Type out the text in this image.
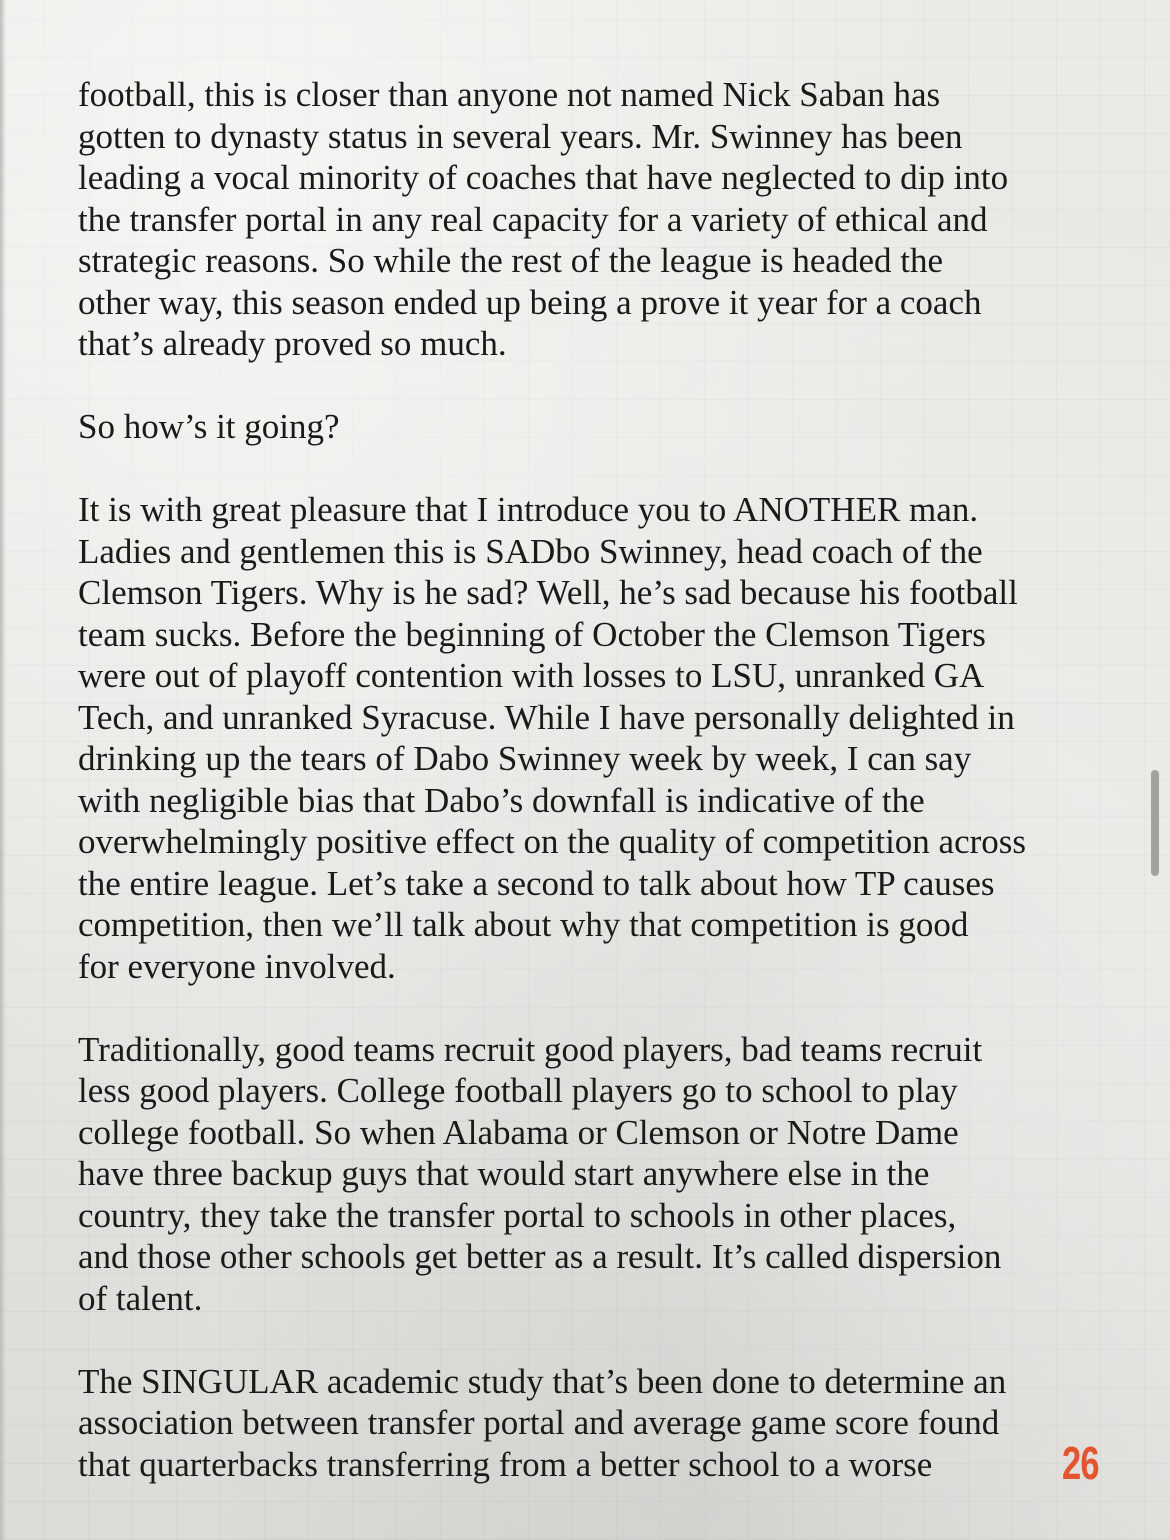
football, this is closer than anyone not named Nick Saban has
gotten to dynasty status in several years. Mr. Swinney has been
leading a vocal minority of coaches that have neglected to dip into
the transfer portal in any real capacity for a variety of ethical and
strategic reasons. So while the rest of the league is headed the
other way, this season ended up being a prove it year for a coach
that’s already proved so much.

So how’s it going?

It is with great pleasure that I introduce you to ANOTHER man.
Ladies and gentlemen this is SADbo Swinney, head coach of the
Clemson Tigers. Why is he sad? Well, he’s sad because his football
team sucks. Before the beginning of October the Clemson Tigers
were out of playoff contention with losses to LSU, unranked GA
Tech, and unranked Syracuse. While I have personally delighted in
drinking up the tears of Dabo Swinney week by week, I can say
with negligible bias that Dabo’s downfall is indicative of the
overwhelmingly positive effect on the quality of competition across
the entire league. Let’s take a second to talk about how TP causes
competition, then we’ll talk about why that competition is good
for everyone involved.

Traditionally, good teams recruit good players, bad teams recruit
less good players. College football players go to school to play
college football. So when Alabama or Clemson or Notre Dame
have three backup guys that would start anywhere else in the
country, they take the transfer portal to schools in other places,
and those other schools get better as a result. It’s called dispersion
of talent.

The SINGULAR academic study that’s been done to determine an
association between transfer portal and average game score found
that quarterbacks transferring from a better school to a worse	26
